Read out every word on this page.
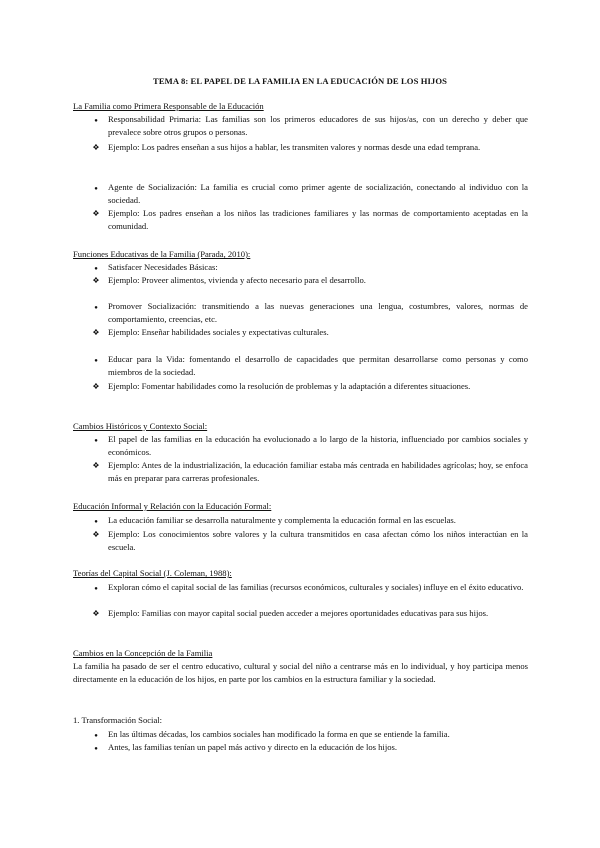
TEMA 8: EL PAPEL DE LA FAMILIA EN LA EDUCACIÓN DE LOS HIJOS
La Familia como Primera Responsable de la Educación
●
Responsabilidad Primaria: Las familias son los primeros educadores de sus hijos/as, con un derecho y deber que prevalece sobre otros grupos o personas.
❖
Ejemplo: Los padres enseñan a sus hijos a hablar, les transmiten valores y normas desde una edad temprana.
●
Agente de Socialización: La familia es crucial como primer agente de socialización, conectando al individuo con la sociedad.
❖
Ejemplo: Los padres enseñan a los niños las tradiciones familiares y las normas de comportamiento aceptadas en la comunidad.
Funciones Educativas de la Familia (Parada, 2010):
●
Satisfacer Necesidades Básicas:
❖
Ejemplo: Proveer alimentos, vivienda y afecto necesario para el desarrollo.
●
Promover Socialización: transmitiendo a las nuevas generaciones una lengua, costumbres, valores, normas de comportamiento, creencias, etc.
❖
Ejemplo: Enseñar habilidades sociales y expectativas culturales.
●
Educar para la Vida: fomentando el desarrollo de capacidades que permitan desarrollarse como personas y como miembros de la sociedad.
❖
Ejemplo: Fomentar habilidades como la resolución de problemas y la adaptación a diferentes situaciones.
Cambios Históricos y Contexto Social:
●
El papel de las familias en la educación ha evolucionado a lo largo de la historia, influenciado por cambios sociales y económicos.
❖
Ejemplo: Antes de la industrialización, la educación familiar estaba más centrada en habilidades agrícolas; hoy, se enfoca más en preparar para carreras profesionales.
Educación Informal y Relación con la Educación Formal:
●
La educación familiar se desarrolla naturalmente y complementa la educación formal en las escuelas.
❖
Ejemplo: Los conocimientos sobre valores y la cultura transmitidos en casa afectan cómo los niños interactúan en la escuela.
Teorías del Capital Social (J. Coleman, 1988):
●
Exploran cómo el capital social de las familias (recursos económicos, culturales y sociales) influye en el éxito educativo.
❖
Ejemplo: Familias con mayor capital social pueden acceder a mejores oportunidades educativas para sus hijos.
Cambios en la Concepción de la Familia
La familia ha pasado de ser el centro educativo, cultural y social del niño a centrarse más en lo individual, y hoy participa menos directamente en la educación de los hijos, en parte por los cambios en la estructura familiar y la sociedad.
1. Transformación Social:
●
En las últimas décadas, los cambios sociales han modificado la forma en que se entiende la familia.
●
Antes, las familias tenían un papel más activo y directo en la educación de los hijos.
